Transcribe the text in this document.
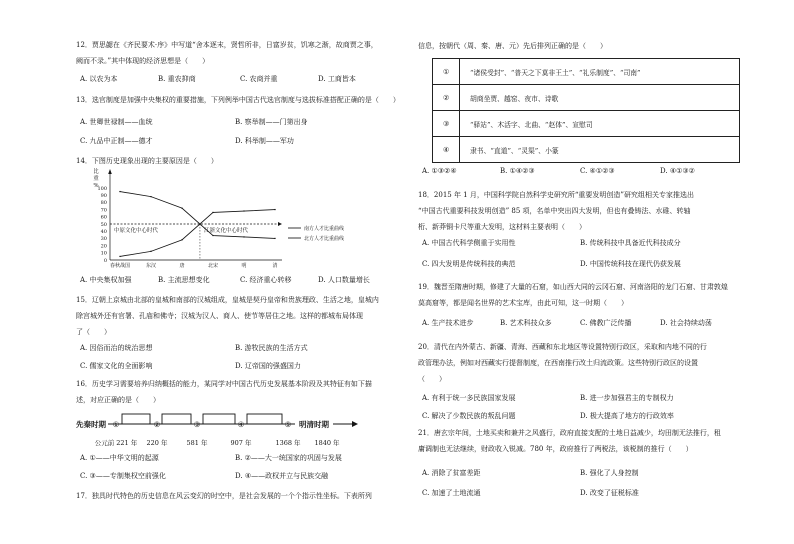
12．贾思勰在《齐民要术·序》中写道“舍本逐末，贤哲所非，日富岁贫，饥寒之渐，故商贾之事，
阙而不录。”其中体现的经济思想是（　　）
A. 以农为本	B. 重农抑商	C. 农商并重	D. 工商皆本
13．选官制度是加强中央集权的重要措施，下列例举中国古代选官制度与选拔标准搭配正确的是（　　）
A. 世卿世禄制——血统	B. 察举制——门第出身
C. 九品中正制——德才	D. 科举制——军功
14．下图历史现象出现的主要原因是（　　）
比
重
%
100
90
80
70
60
50
40
30
20
10
0
春秋战国	东汉	唐	北宋	明	清
中原文化中心时代	江浙文化中心时代	南方人才比重曲线
北方人才比重曲线
A. 中央集权加强	B. 主流思想变化	C. 经济重心转移	D. 人口数量增长
15．辽朝上京城由北部的皇城和南部的汉城组成，皇城是契丹皇帝和贵族理政、生活之地，皇城内
除宫城外还有官署、孔庙和佛寺；汉城为汉人、商人、使节等居住之地。这样的都城布局体现
了（　　）
A. 因俗而治的统治思想	B. 游牧民族的生活方式
C. 儒家文化的全面影响	D. 辽帝国的强盛国力
16．历史学习需要培养归纳概括的能力，某同学对中国古代历史发展基本阶段及其特征有如下描
述，对应正确的是（　　）
先秦时期	明清时期
①	②	③	④	⑤
公元前 221 年 220 年	581 年	907 年	1368 年 1840 年
A. ①——中华文明的起源	B. ②——大一统国家的巩固与发展
C. ③——专制集权空前强化	D. ④——政权并立与民族交融
17．独具时代特色的历史信息在风云变幻的时空中，是社会发展的一个个指示性坐标。下表所列
信息，按朝代（周、秦、唐、元）先后排列正确的是（　　）
①	“诸侯受封”、“普天之下莫非王土”、“礼乐制度”、“司南”
②	胡商坐贾、越窑、夜市、诗歌
③	“驿站”、木活字、北曲、“赵体”、宣慰司
④	隶书、“直道”、“灵渠”、小篆
A. ①③②④	B. ①④②③	C. ④①②③	D. ④①③②
18．2015 年 1 月，中国科学院自然科学史研究所“重要发明创造”研究组相关专家推选出
“中国古代重要科技发明创造” 85 项，名单中突出四大发明，但也有叠铸法、水碓、转轴
桁、新莽铜卡尺等重大发明，这材料主要表明（　　）
A. 中国古代科学侧重于实用性	B. 传统科技中具备近代科技成分
C. 四大发明是传统科技的典范	D. 中国传统科技在现代仍获发展
19．魏晋至隋唐时期，修建了大量的石窟，如山西大同的云冈石窟、河南洛阳的龙门石窟、甘肃敦煌
莫高窟等，都是闻名世界的艺术宝库，由此可知，这一时期（　　）
A. 生产技术进步	B. 艺术科技众多	C. 佛教广泛传播	D. 社会持续动荡
20．清代在内外蒙古、新疆、青海、西藏和东北地区等设置特别行政区，采取和内地不同的行
政管理办法，例如对西藏实行提督制度，在西南推行改土归流政策。这些特别行政区的设置
（　　）
A. 有利于统一多民族国家发展	B. 进一步加强君主的专制权力
C. 解决了少数民族的叛乱问题	D. 极大提高了地方的行政效率
21．唐玄宗年间，土地买卖和兼并之风盛行，政府直接支配的土地日益减少，均田制无法推行，租
庸调制也无法继续，财政收入锐减。780 年，政府推行了两税法，该税制的推行（　　）
A. 消除了贫富差距	B. 强化了人身控制
C. 加速了土地流通	D. 改变了征税标准
